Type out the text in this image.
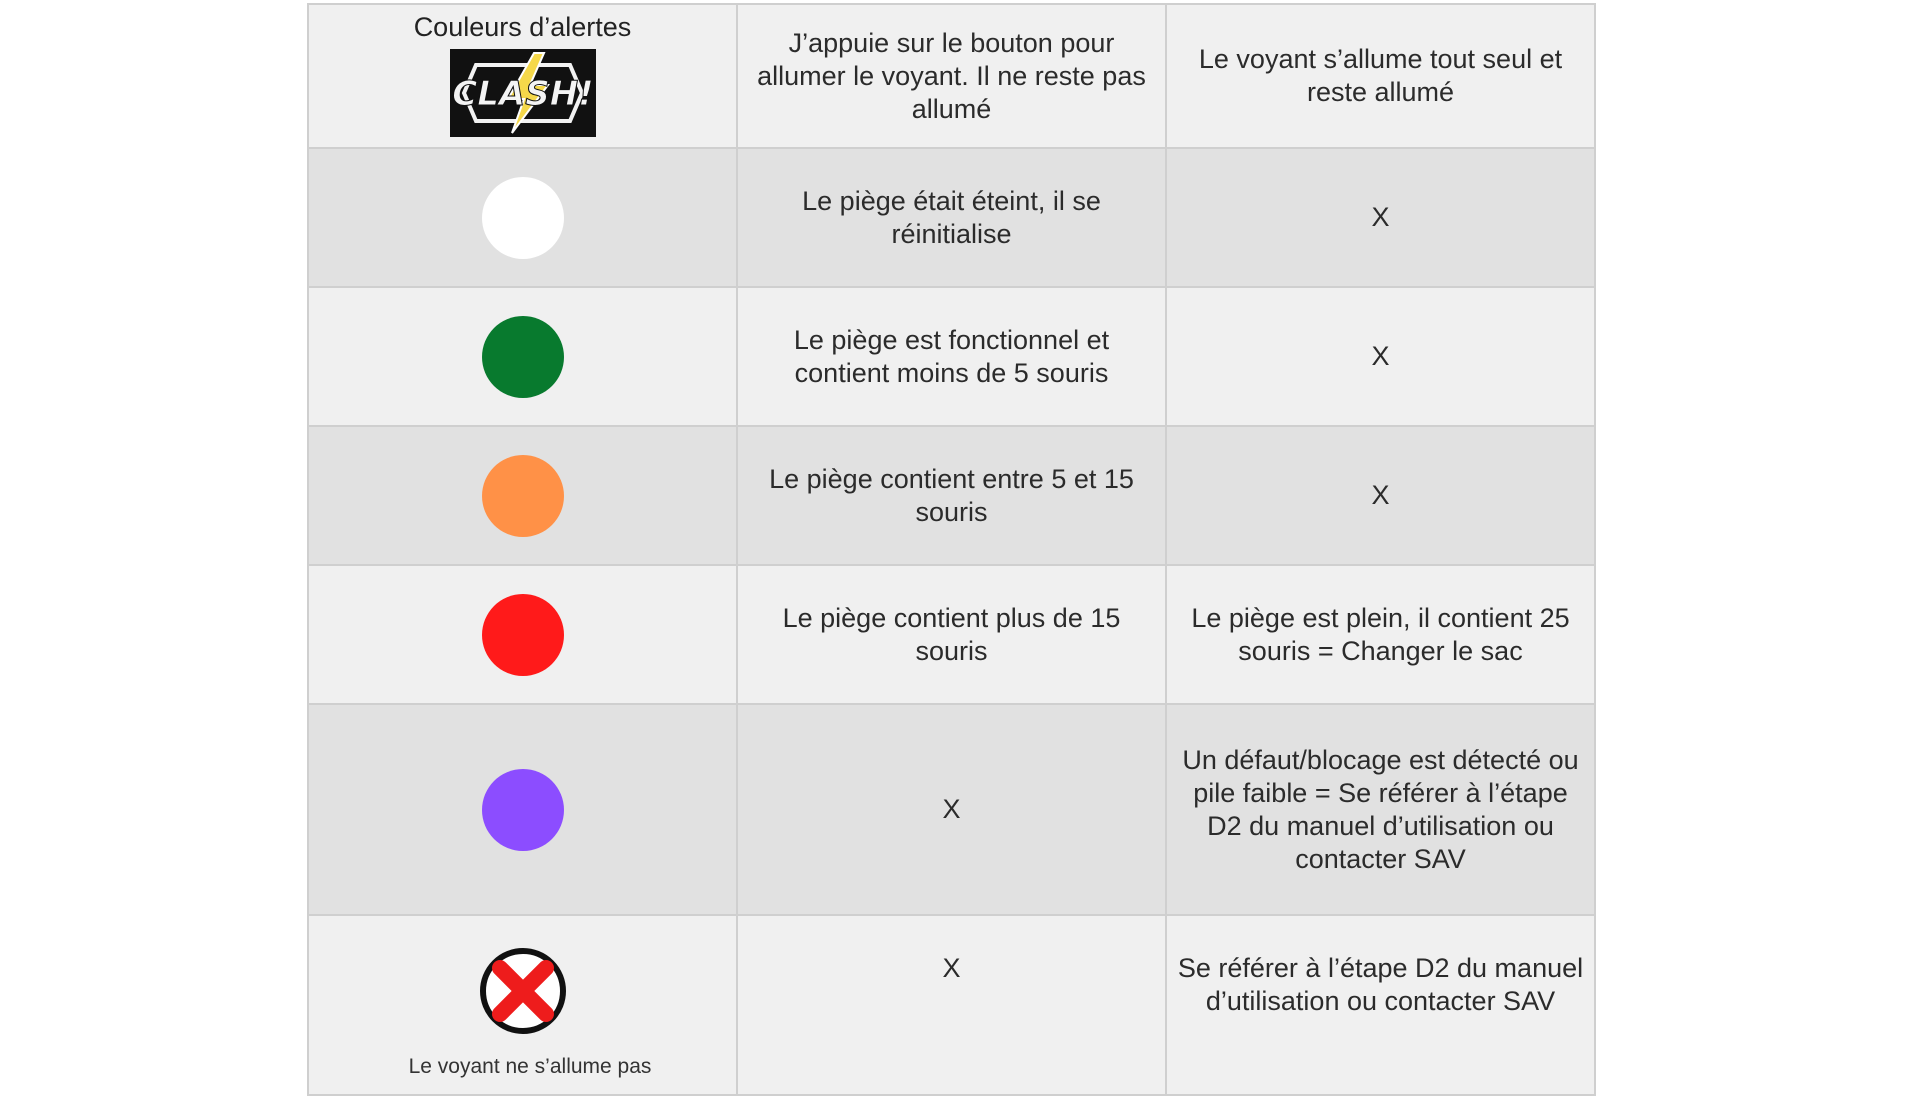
Couleurs d’alertes
CLASH!	J’appuie sur le bouton pour allumer le voyant. Il ne reste pas allumé	Le voyant s’allume tout seul et reste allumé
	Le piège était éteint, il se réinitialise	X
	Le piège est fonctionnel et contient moins de 5 souris	X
	Le piège contient entre 5 et 15 souris	X
	Le piège contient plus de 15 souris	Le piège est plein, il contient 25 souris = Changer le sac
	X	Un défaut/blocage est détecté ou pile faible = Se référer à l’étape D2 du manuel d’utilisation ou contacter SAV

Le voyant ne s’allume pas	X	Se référer à l’étape D2 du manuel d’utilisation ou contacter SAV
